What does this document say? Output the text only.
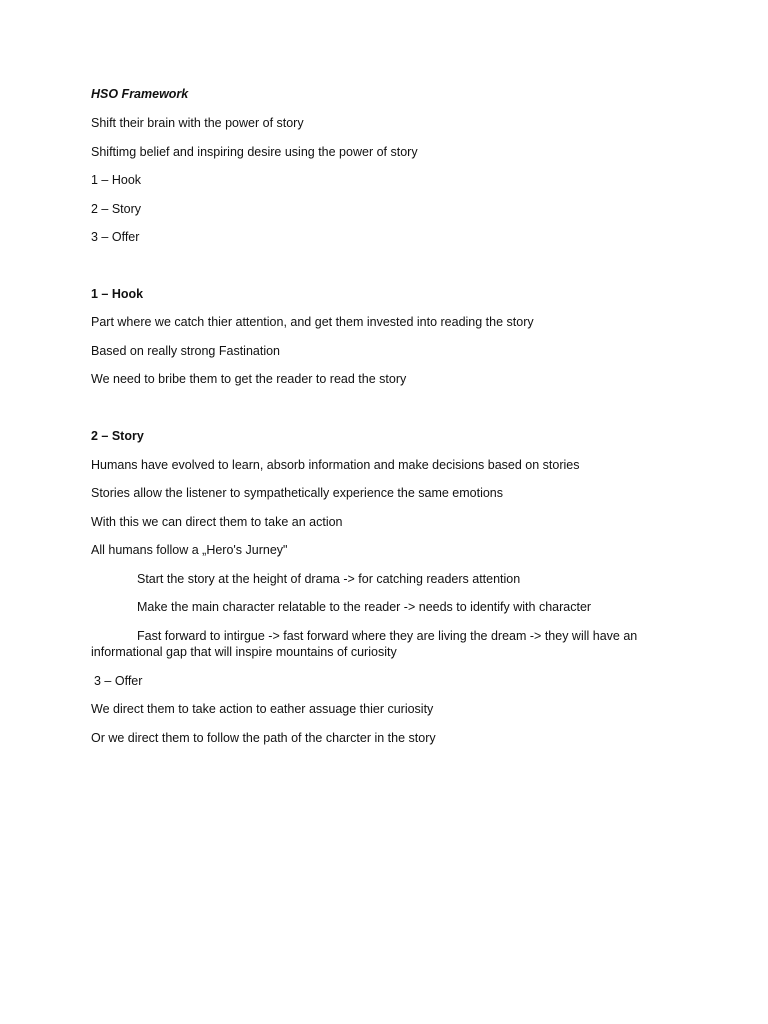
HSO Framework
Shift their brain with the power of story
Shiftimg belief and inspiring desire using the power of story
1 – Hook
2 – Story
3 – Offer
1 – Hook
Part where we catch thier attention, and get them invested into reading the story
Based on really strong Fastination
We need to bribe them to get the reader to read the story
2 – Story
Humans have evolved to learn, absorb information and make decisions based on stories
Stories allow the listener to sympathetically experience the same emotions
With this we can direct them to take an action
All humans follow a „Hero's Jurney"
Start the story at the height of drama -> for catching readers attention
Make the main character relatable to the reader -> needs to identify with character
Fast forward to intirgue -> fast forward where they are living the dream -> they will have an informational gap that will inspire mountains of curiosity
3 – Offer
We direct them to take action to eather assuage thier curiosity
Or we direct them to follow the path of the charcter in the story
